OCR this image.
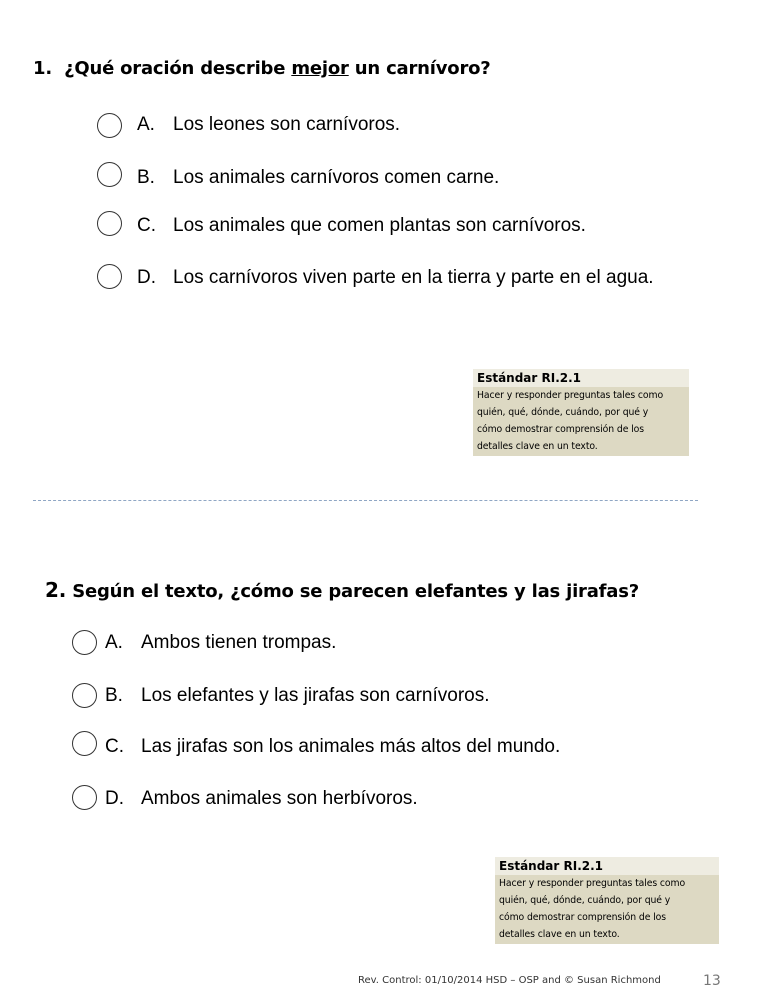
1. ¿Qué oración describe mejor un carnívoro?
A. Los leones son carnívoros.
B. Los animales carnívoros comen carne.
C. Los animales que comen plantas son carnívoros.
D. Los carnívoros viven parte en la tierra y parte en el agua.
Estándar RI.2.1
Hacer y responder preguntas tales como
quién, qué, dónde, cuándo, por qué y
cómo demostrar comprensión de los
detalles clave en un texto.
2. Según el texto, ¿cómo se parecen elefantes y las jirafas?
A. Ambos tienen trompas.
B. Los elefantes y las jirafas son carnívoros.
C. Las jirafas son los animales más altos del mundo.
D. Ambos animales son herbívoros.
Estándar RI.2.1
Hacer y responder preguntas tales como
quién, qué, dónde, cuándo, por qué y
cómo demostrar comprensión de los
detalles clave en un texto.
Rev. Control: 01/10/2014 HSD – OSP and © Susan Richmond	13
